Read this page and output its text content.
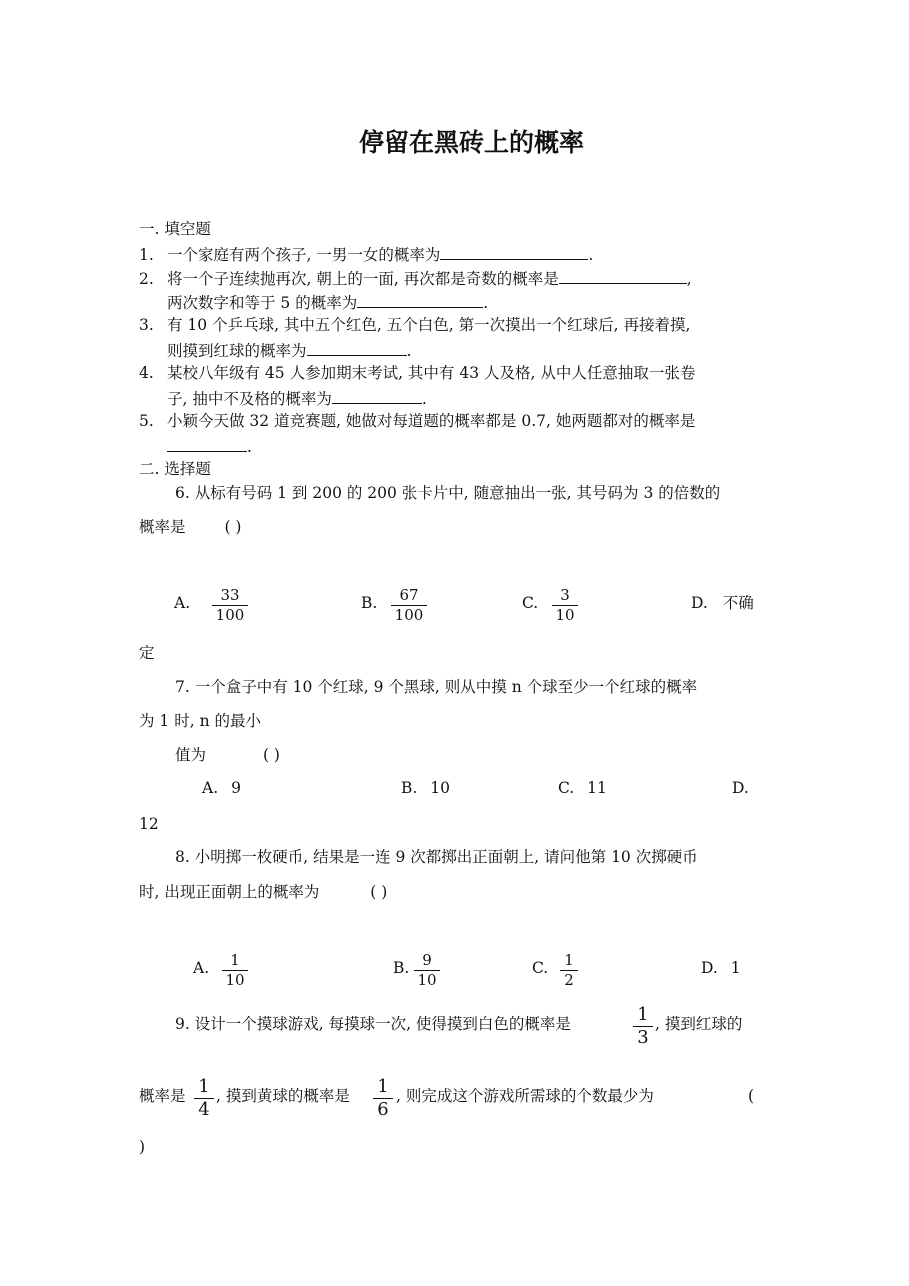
停留在黑砖上的概率
一. 填空题
1. 一个家庭有两个孩子, 一男一女的概率为	.
2. 将一个子连续抛再次, 朝上的一面, 再次都是奇数的概率是	,
两次数字和等于 5 的概率为	.
3. 有 10 个乒乓球, 其中五个红色, 五个白色, 第一次摸出一个红球后, 再接着摸,
则摸到红球的概率为	.
4. 某校八年级有 45 人参加期末考试, 其中有 43 人及格, 从中人任意抽取一张卷
子, 抽中不及格的概率为	.
5. 小颖今天做 32 道竞赛题, 她做对每道题的概率都是 0.7, 她两题都对的概率是
.
二. 选择题
6. 从标有号码 1 到 200 的 200 张卡片中, 随意抽出一张, 其号码为 3 的倍数的
概率是	( )
A.	33
100
B.	67
100
C.	3
10
D. 不确
定
7. 一个盒子中有 10 个红球, 9 个黑球, 则从中摸 n 个球至少一个红球的概率
为 1 时, n 的最小
值为	( )
A. 9	B. 10	C. 11	D.
12
8. 小明掷一枚硬币, 结果是一连 9 次都掷出正面朝上, 请问他第 10 次掷硬币
时, 出现正面朝上的概率为	( )
A.	1
10
B. 9
10
C. 1
2
D. 1
9. 设计一个摸球游戏, 每摸球一次, 使得摸到白色的概率是	1
3
, 摸到红球的
概率是 1
4
, 摸到黄球的概率是 1
6
, 则完成这个游戏所需球的个数最少为	(
)
